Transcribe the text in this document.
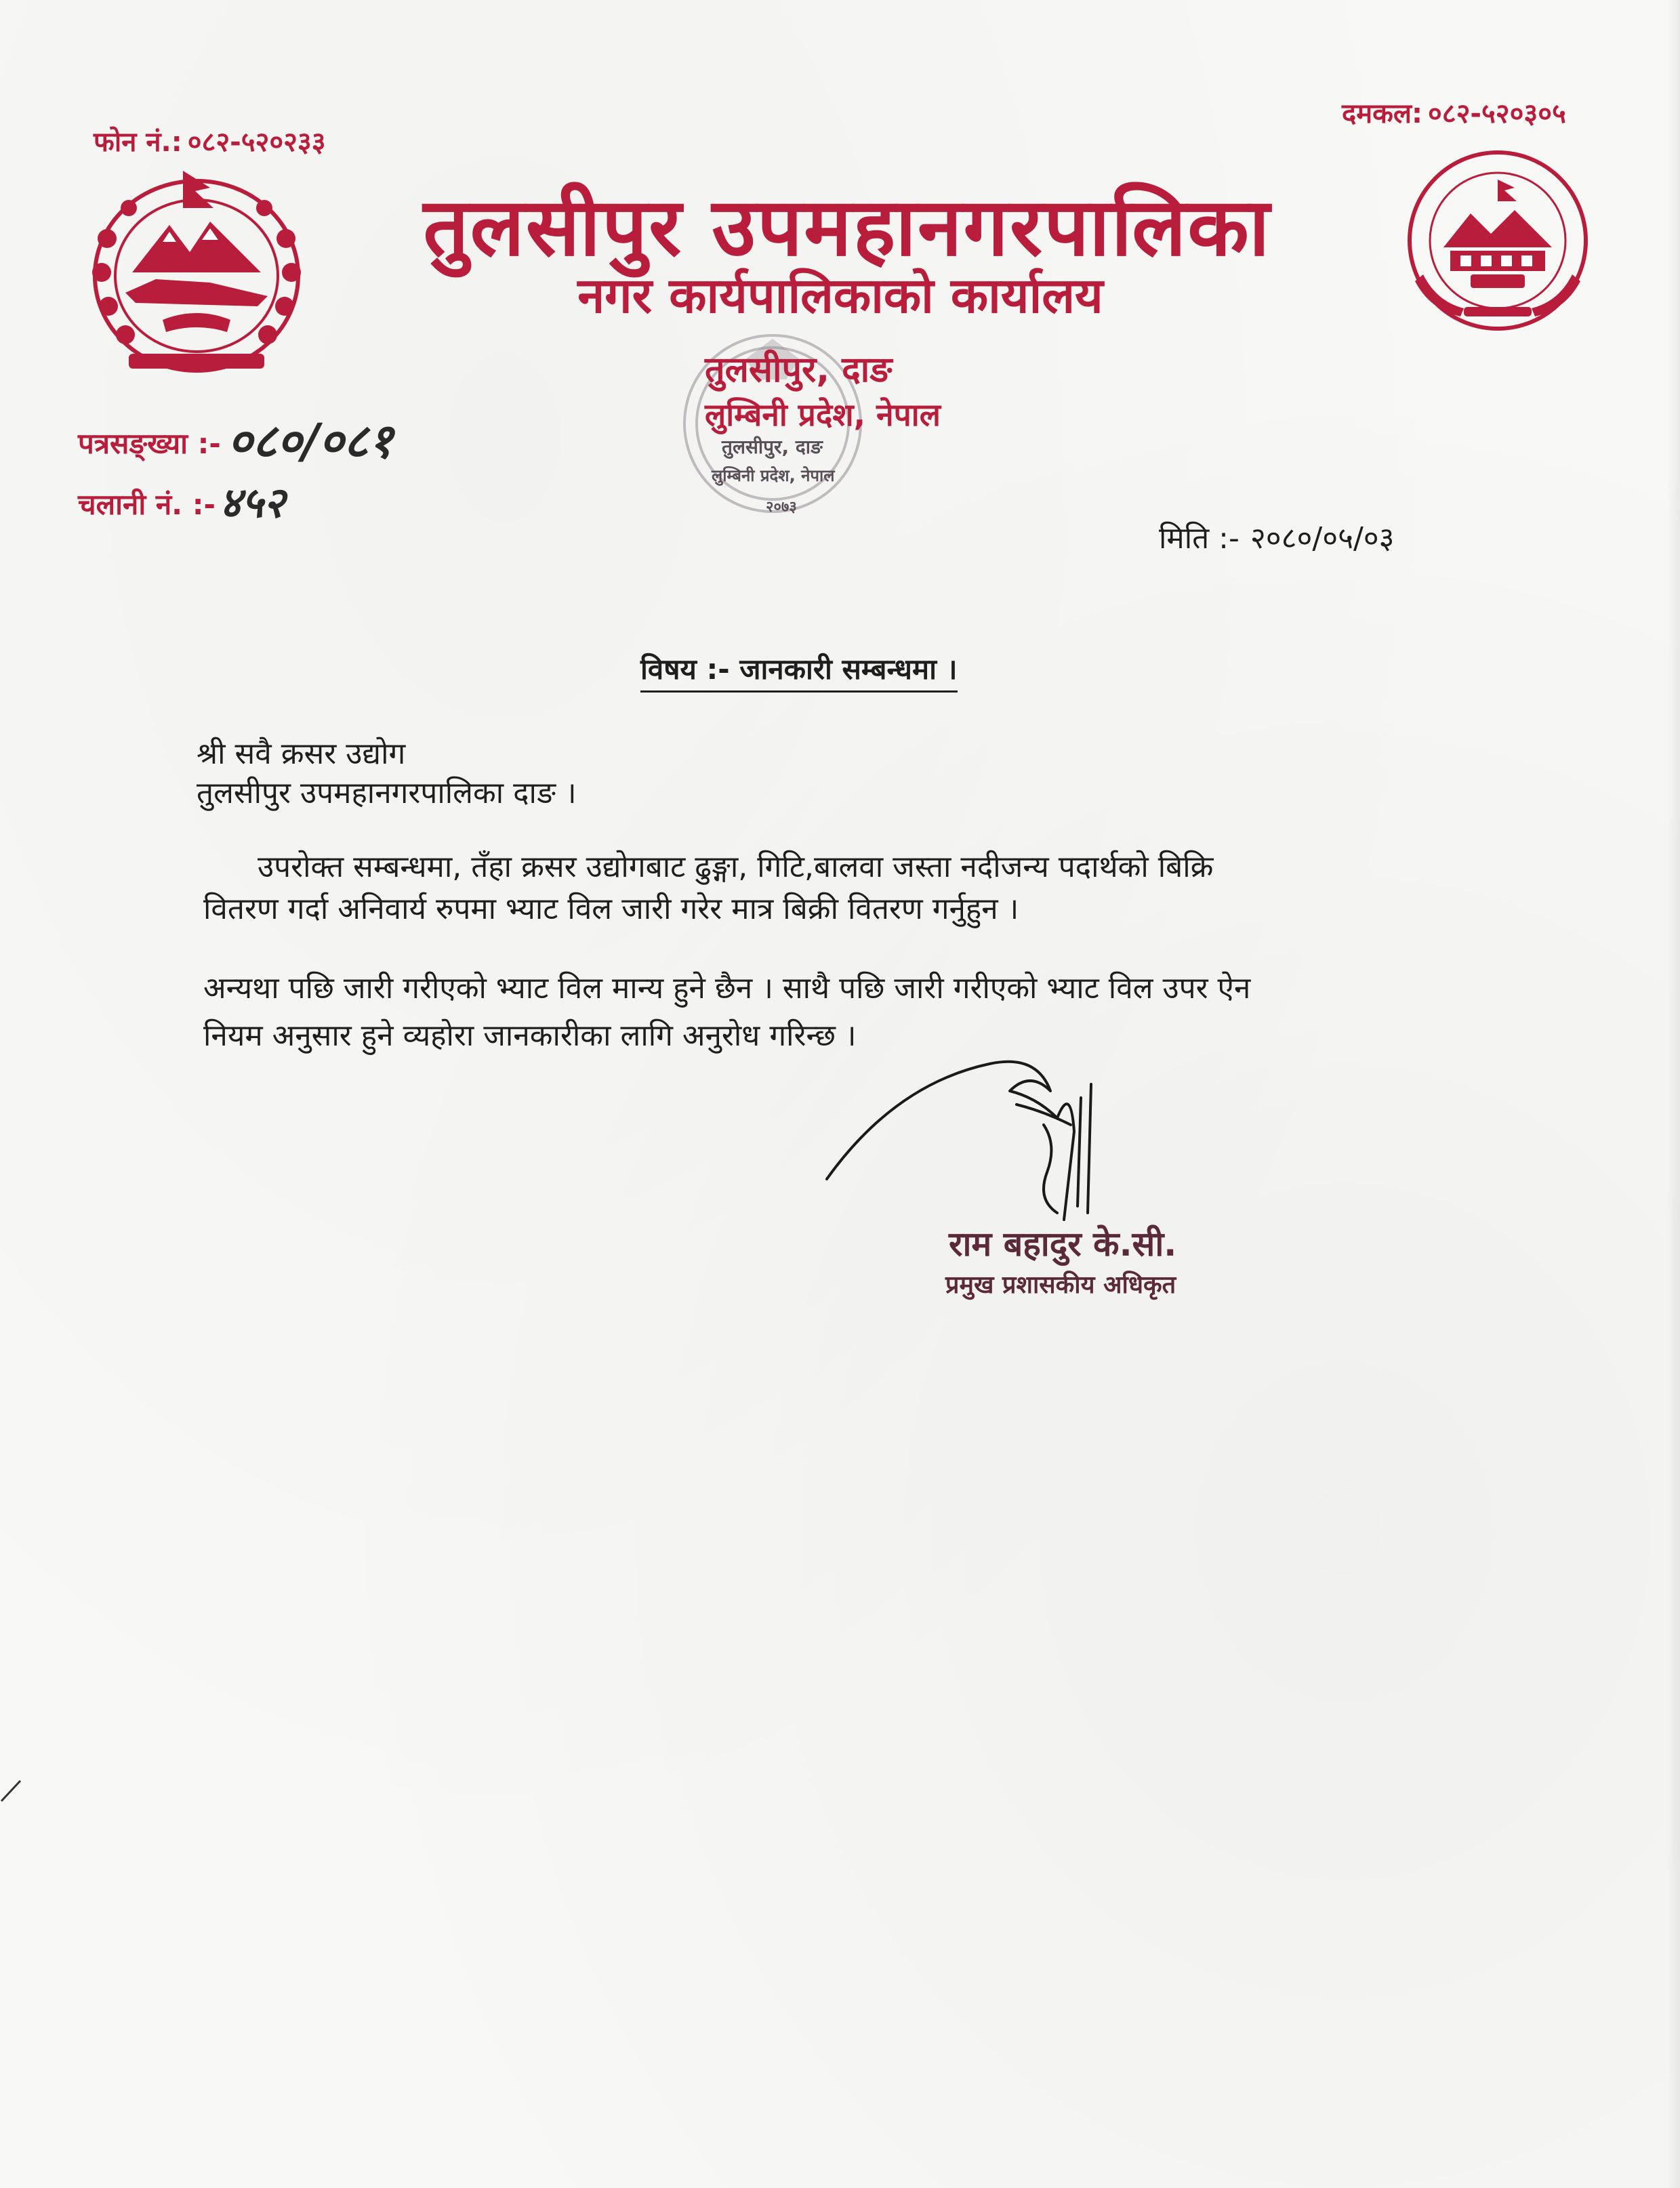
फोन नं.: ०८२-५२०२३३
दमकल: ०८२-५२०३०५
तुलसीपुर, दाङ
लुम्बिनी प्रदेश, नेपाल
२०७३
तुलसीपुर उपमहानगरपालिका
नगर कार्यपालिकाको कार्यालय
तुलसीपुर, दाङ
लुम्बिनी प्रदेश, नेपाल
पत्रसङ्ख्या :- ०८०/०८१
चलानी नं. :-४५२
मिति :- २०८०/०५/०३
विषय :- जानकारी सम्बन्धमा ।
श्री सवै क्रसर उद्योग
तुलसीपुर उपमहानगरपालिका दाङ ।
उपरोक्त सम्बन्धमा, तँहा क्रसर उद्योगबाट ढुङ्गा, गिटि,बालवा जस्ता नदीजन्य पदार्थको बिक्रि
वितरण गर्दा अनिवार्य रुपमा भ्याट विल जारी गरेर मात्र बिक्री वितरण गर्नुहुन ।
अन्यथा पछि जारी गरीएको भ्याट विल मान्य हुने छैन । साथै पछि जारी गरीएको भ्याट विल उपर ऐन
नियम अनुसार हुने व्यहोरा जानकारीका लागि अनुरोध गरिन्छ ।
राम बहादुर के.सी.
प्रमुख प्रशासकीय अधिकृत
